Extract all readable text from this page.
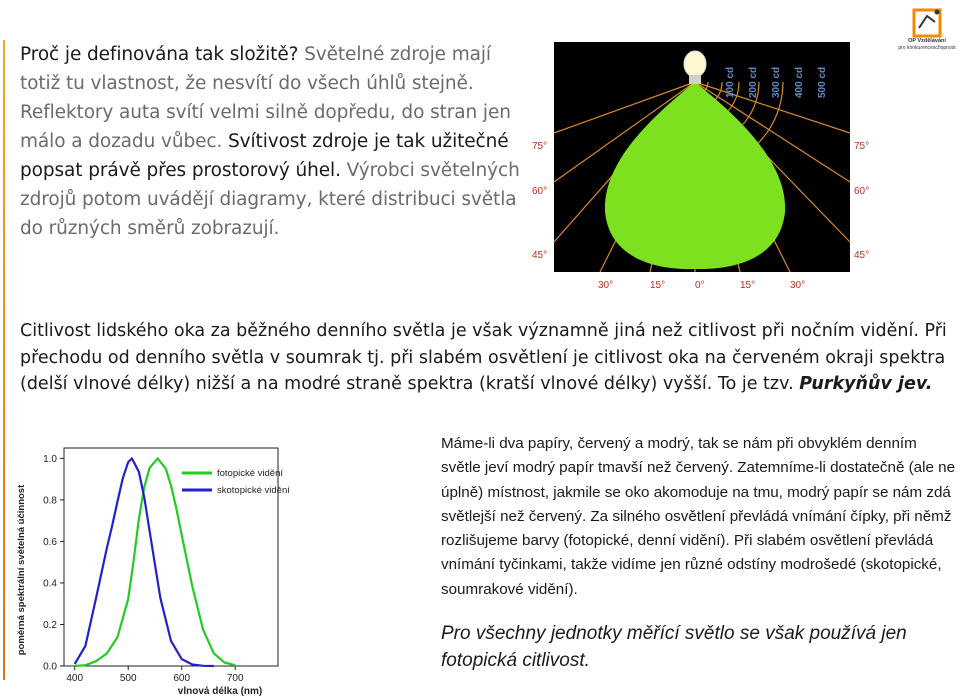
Proč je definována tak složitě? Světelné zdroje mají totiž tu vlastnost, že nesvítí do všech úhlů stejně. Reflektory auta svítí velmi silně dopředu, do stran jen málo a dozadu vůbec. Svítivost zdroje je tak užitečné popsat právě přes prostorový úhel. Výrobci světelných zdrojů potom uvádějí diagramy, které distribuci světla do různých směrů zobrazují.

OP Vzdělávání
pro konkurenceschopnost
100 cd 200 cd 300 cd 400 cd 500 cd
75°
60°
45°
75°
60°
45°
30°	15°	0°	15°	30°

Citlivost lidského oka za běžného denního světla je však významně jiná než citlivost při nočním vidění. Při přechodu od denního světla v soumrak tj. při slabém osvětlení je citlivost oka na červeném okraji spektra (delší vlnové délky) nižší a na modré straně spektra (kratší vlnové délky) vyšší. To je tzv. Purkyňův jev.

poměrná spektrální světelná účinnost
vlnová délka (nm)
0.0
0.2
0.4
0.6
0.8
1.0
400	500	600	700
fotopické vidění
skotopické vidění

Máme-li dva papíry, červený a modrý, tak se nám při obvyklém denním světle jeví modrý papír tmavší než červený. Zatemníme-li dostatečně (ale ne úplně) místnost, jakmile se oko akomoduje na tmu, modrý papír se nám zdá světlejší než červený. Za silného osvětlení převládá vnímání čípky, při němž rozlišujeme barvy (fotopické, denní vidění). Při slabém osvětlení převládá vnímání tyčinkami, takže vidíme jen různé odstíny modrošedé (skotopické, soumrakové vidění).

Pro všechny jednotky měřící světlo se však používá jen fotopická citlivost.
